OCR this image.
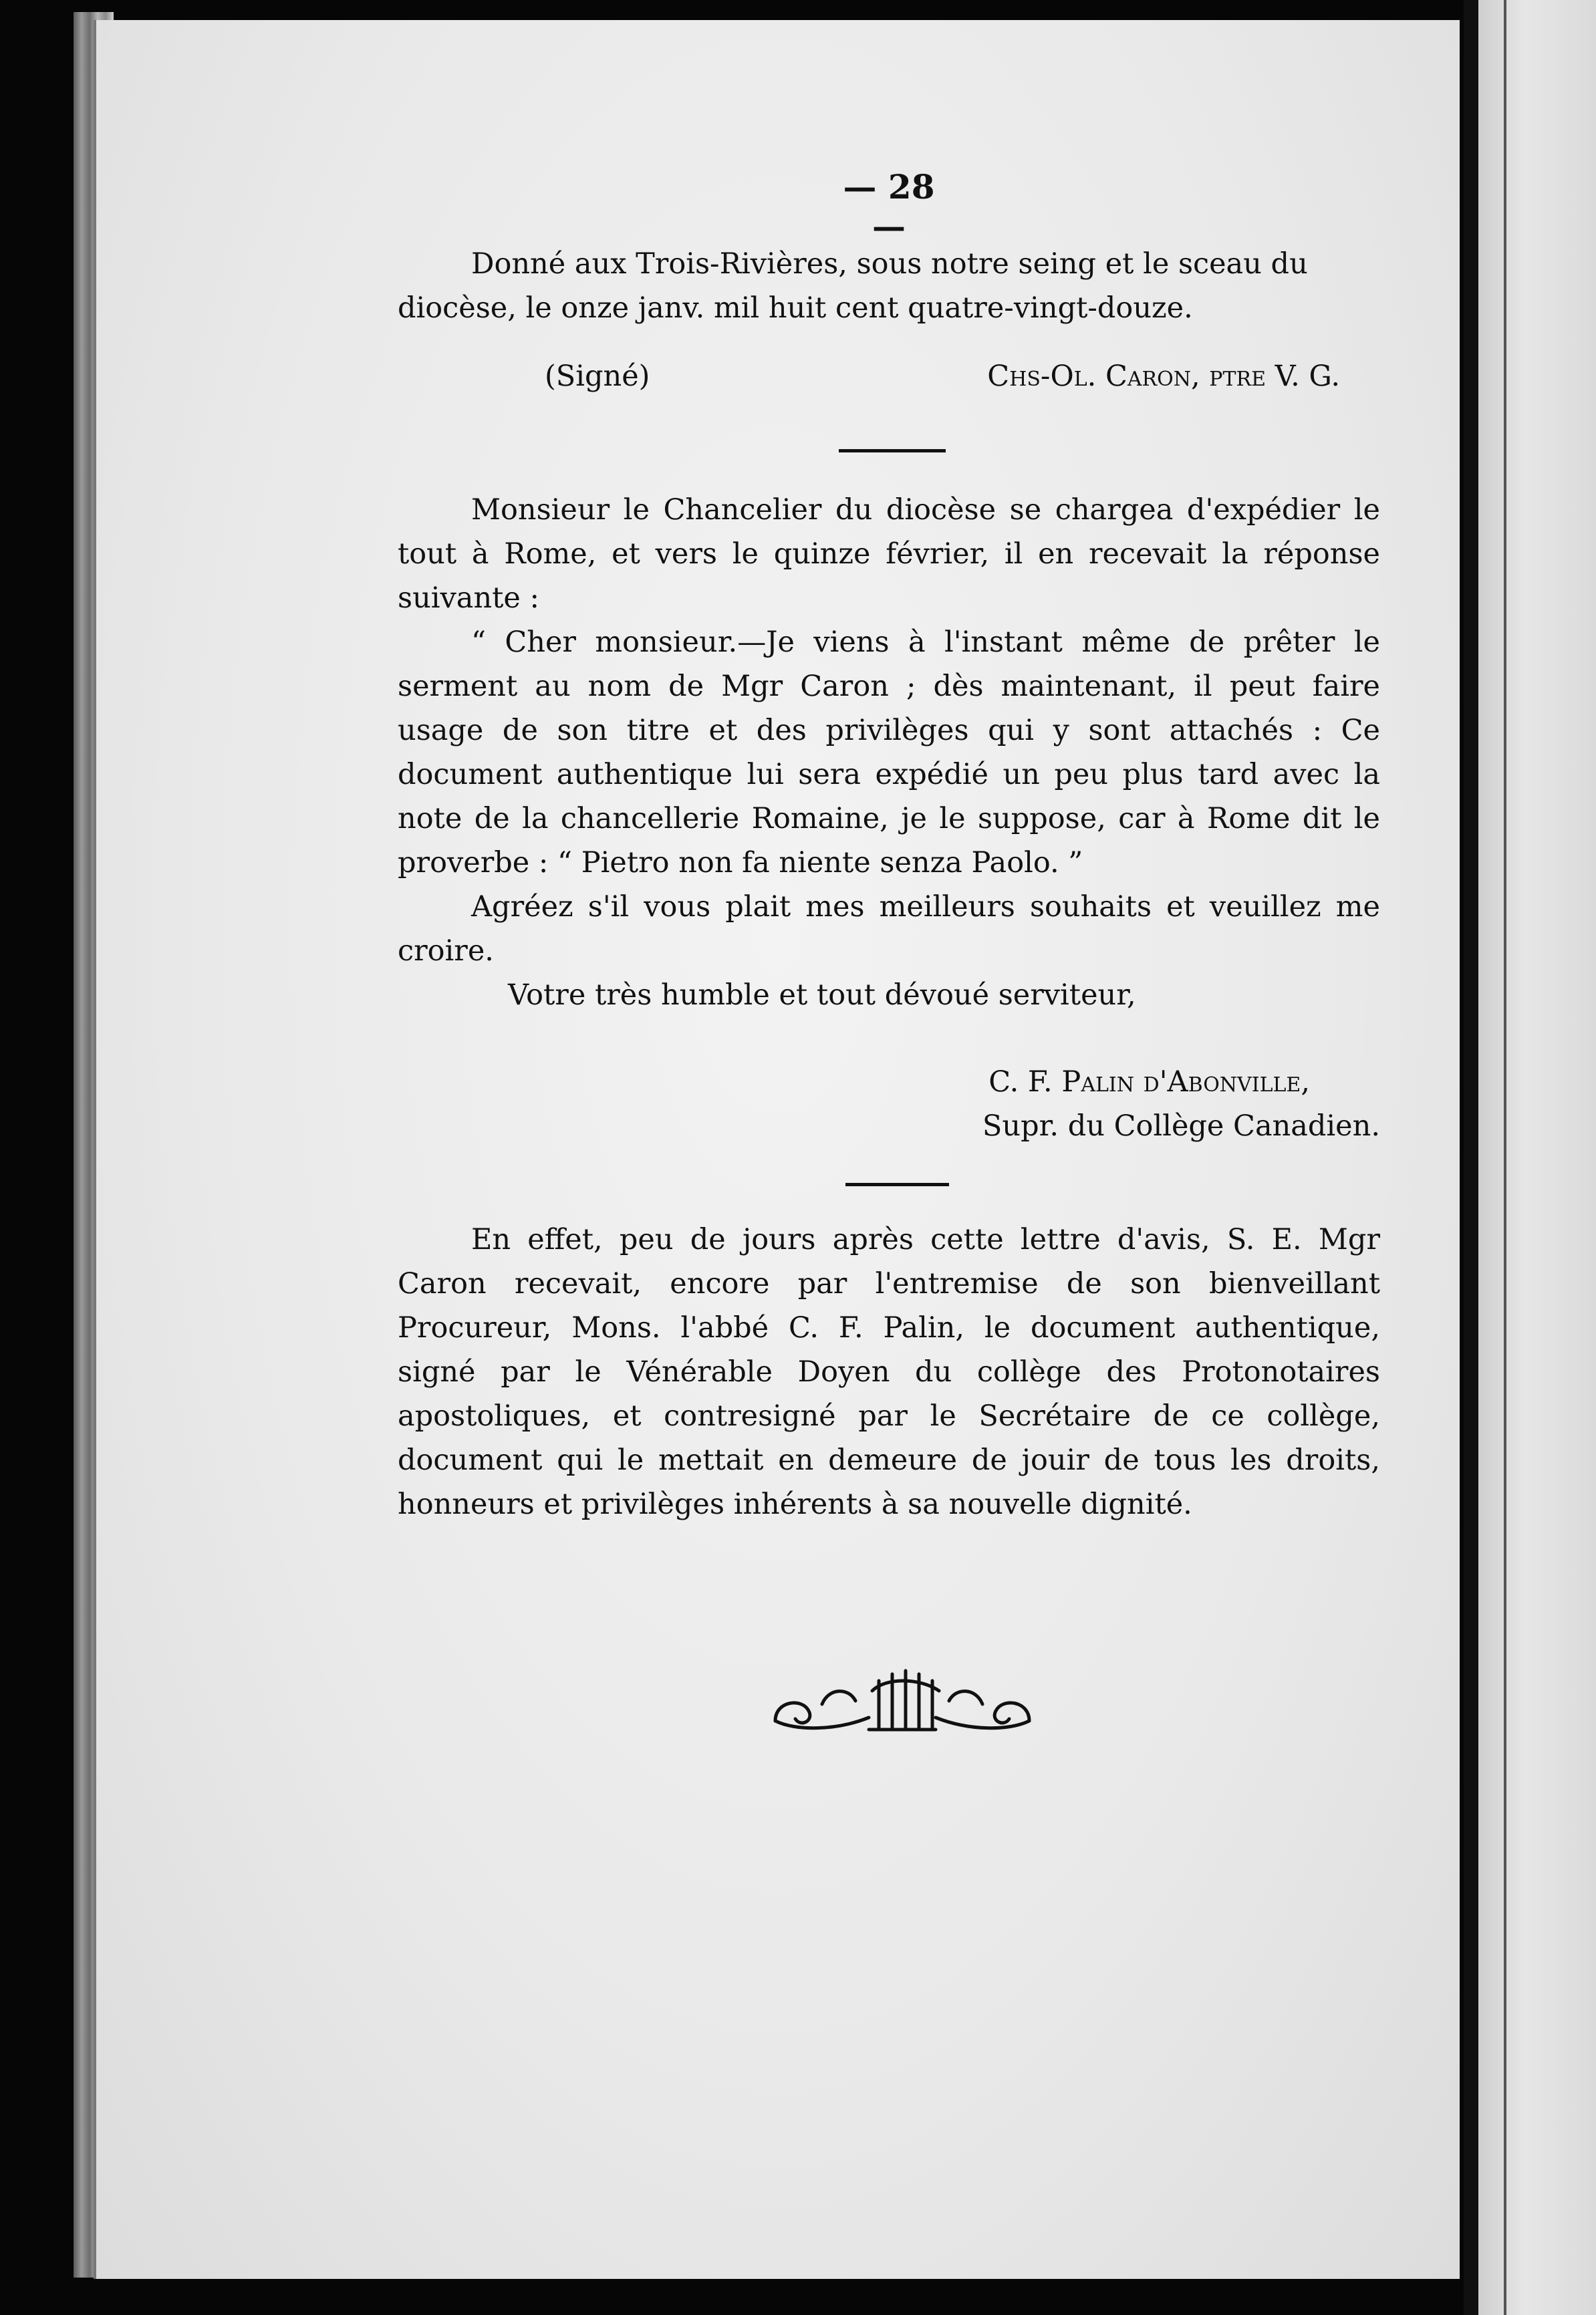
— 28 —
Donné aux Trois-Rivières, sous notre seing et le sceau du
diocèse, le onze janv. mil huit cent quatre-vingt-douze.
(Signé)	Chs-Ol. Caron, ptre V. G.

Monsieur le Chancelier du diocèse se chargea d'expédier le tout à Rome, et vers le quinze février, il en recevait la réponse suivante :

“ Cher monsieur.—Je viens à l'instant même de prêter le serment au nom de Mgr Caron ; dès maintenant, il peut faire usage de son titre et des privilèges qui y sont attachés : Ce document authentique lui sera expédié un peu plus tard avec la note de la chancellerie Romaine, je le suppose, car à Rome dit le proverbe : “ Pietro non fa niente senza Paolo. ”

Agréez s'il vous plait mes meilleurs souhaits et veuillez me croire.

Votre très humble et tout dévoué serviteur,

C. F. Palin d'Abonville,
Supr. du Collège Canadien.

En effet, peu de jours après cette lettre d'avis, S. E. Mgr Caron recevait, encore par l'entremise de son bienveillant Procureur, Mons. l'abbé C. F. Palin, le document authentique, signé par le Vénérable Doyen du collège des Protonotaires apostoliques, et contresigné par le Secrétaire de ce collège, document qui le mettait en demeure de jouir de tous les droits, honneurs et privilèges inhérents à sa nouvelle dignité.
